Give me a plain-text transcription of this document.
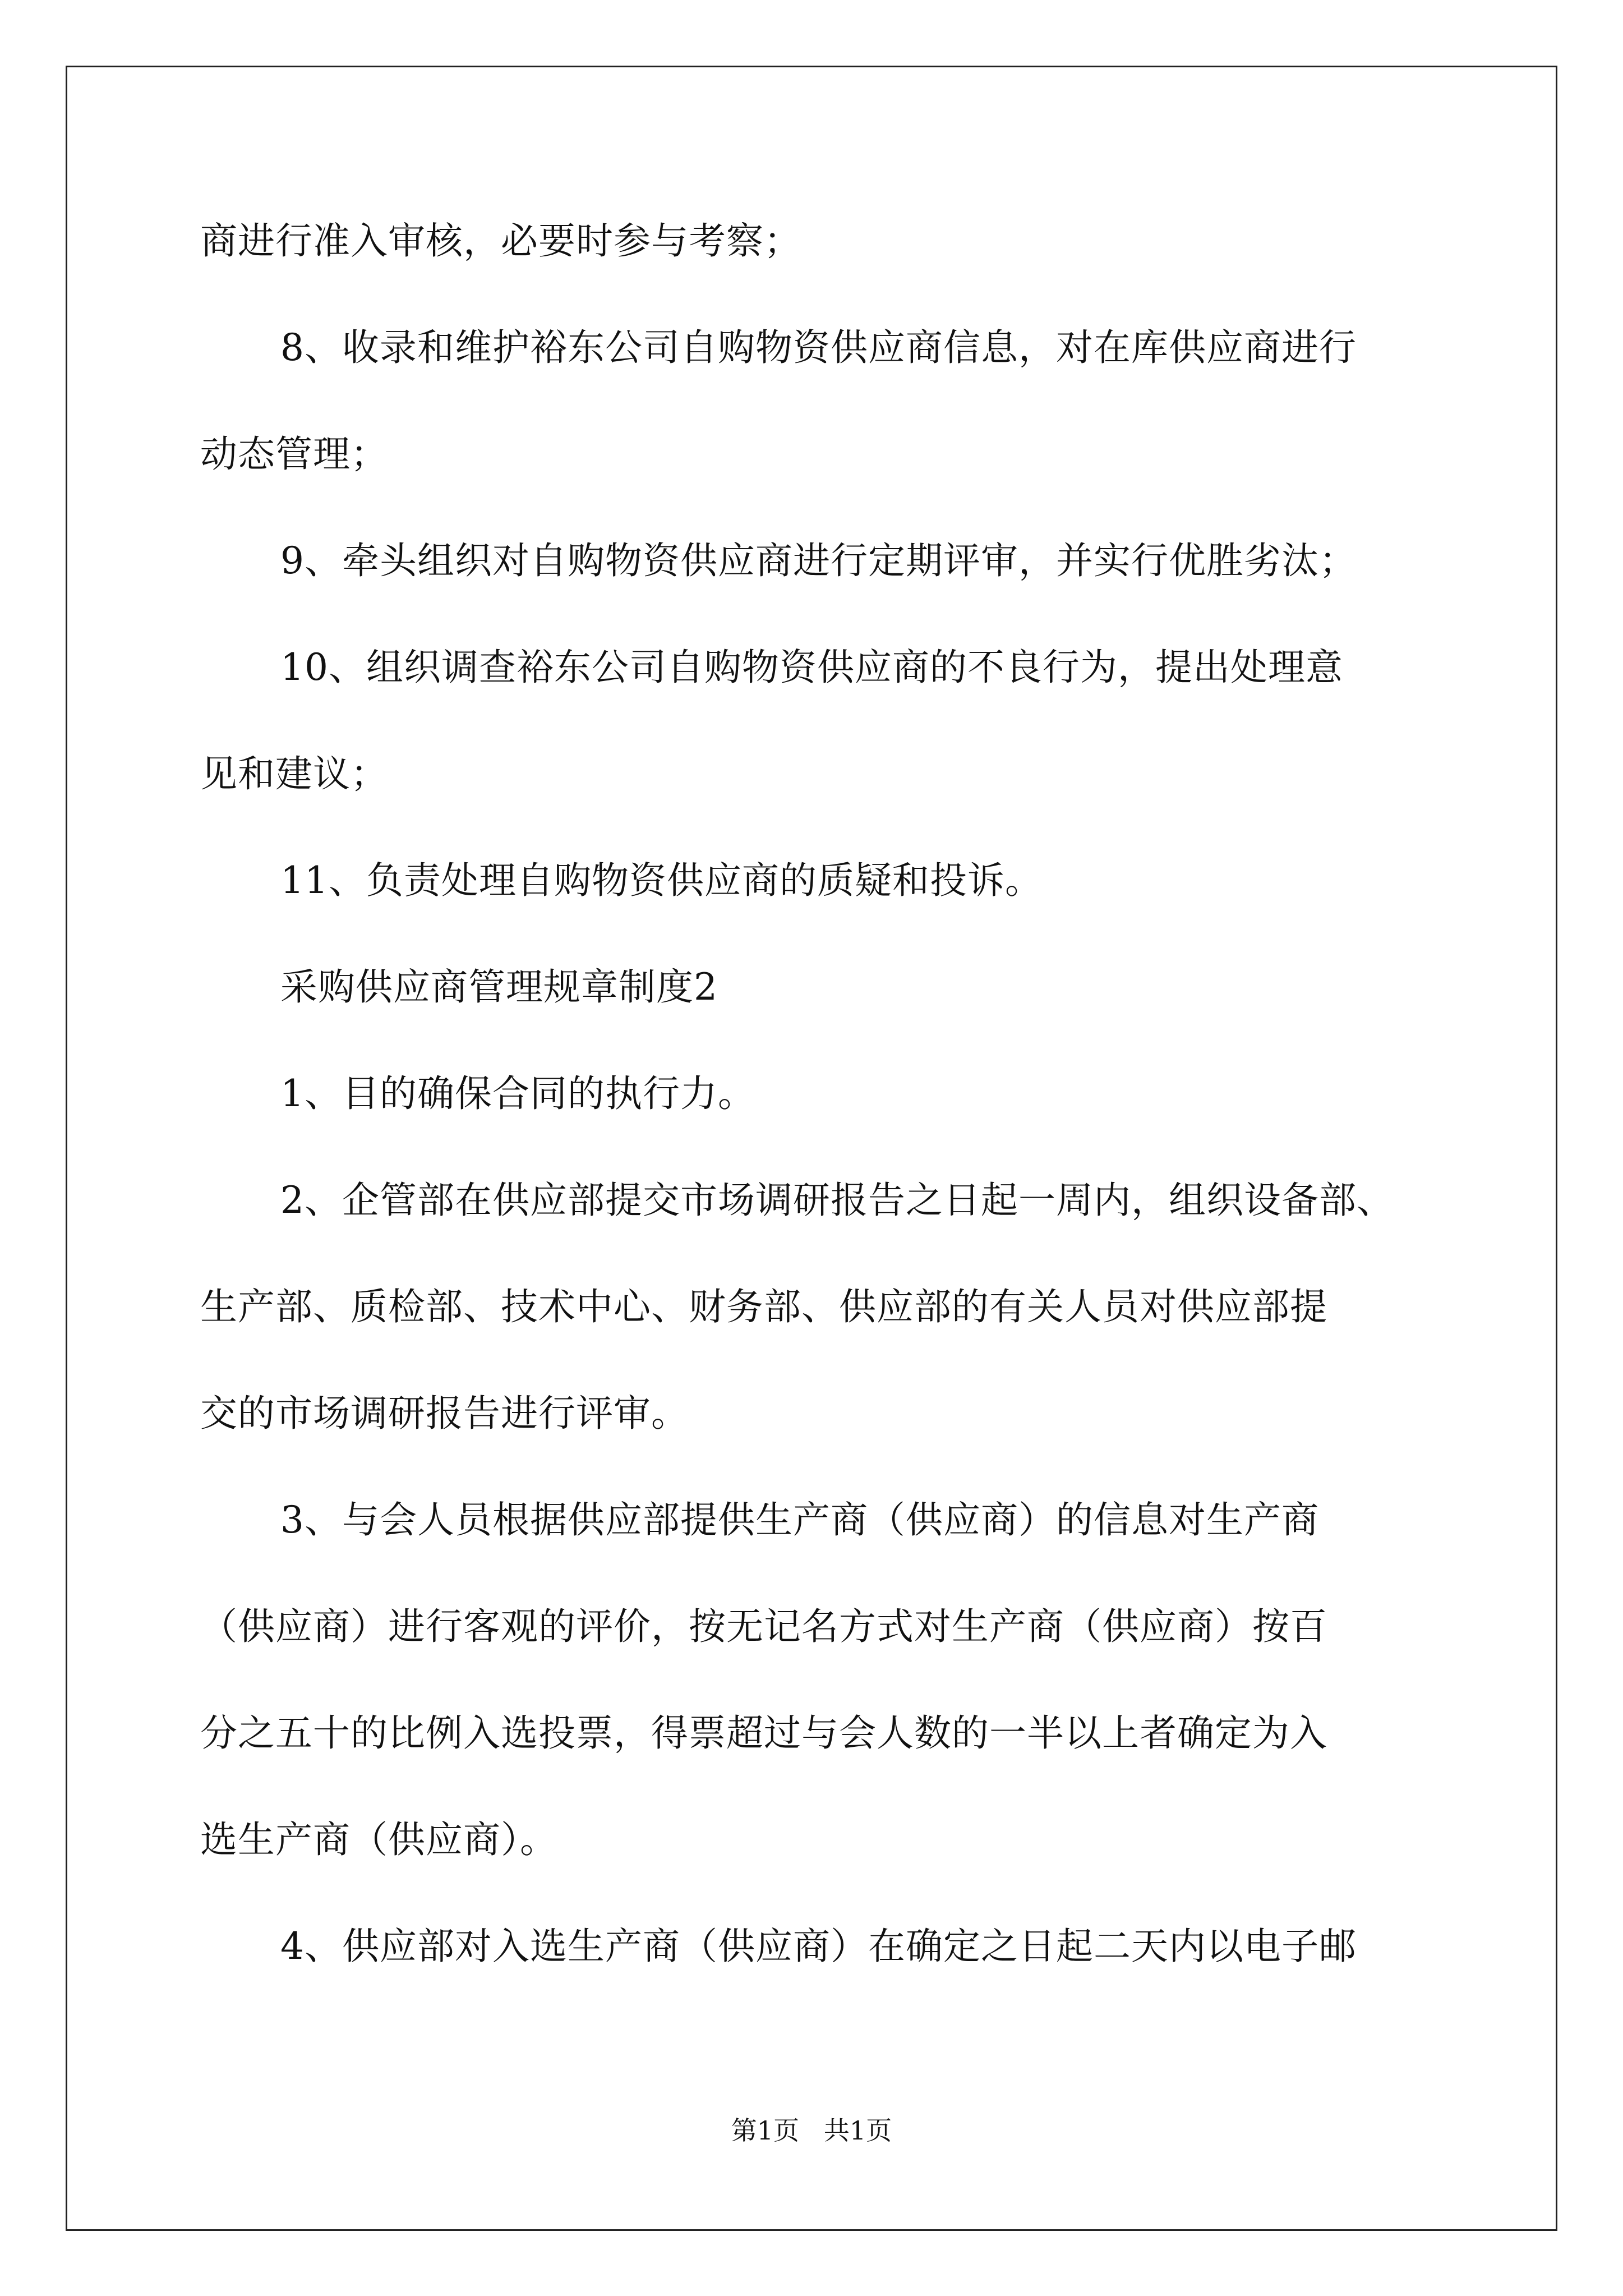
商进行准入审核，必要时参与考察；
8、收录和维护裕东公司自购物资供应商信息，对在库供应商进行
动态管理；
9、牵头组织对自购物资供应商进行定期评审，并实行优胜劣汰；
10、组织调查裕东公司自购物资供应商的不良行为，提出处理意
见和建议；
11、负责处理自购物资供应商的质疑和投诉。
采购供应商管理规章制度2
1、目的确保合同的执行力。
2、企管部在供应部提交市场调研报告之日起一周内，组织设备部、
生产部、质检部、技术中心、财务部、供应部的有关人员对供应部提
交的市场调研报告进行评审。
3、与会人员根据供应部提供生产商（供应商）的信息对生产商
（供应商）进行客观的评价，按无记名方式对生产商（供应商）按百
分之五十的比例入选投票，得票超过与会人数的一半以上者确定为入
选生产商（供应商）。
4、供应部对入选生产商（供应商）在确定之日起二天内以电子邮
第1页   共1页
